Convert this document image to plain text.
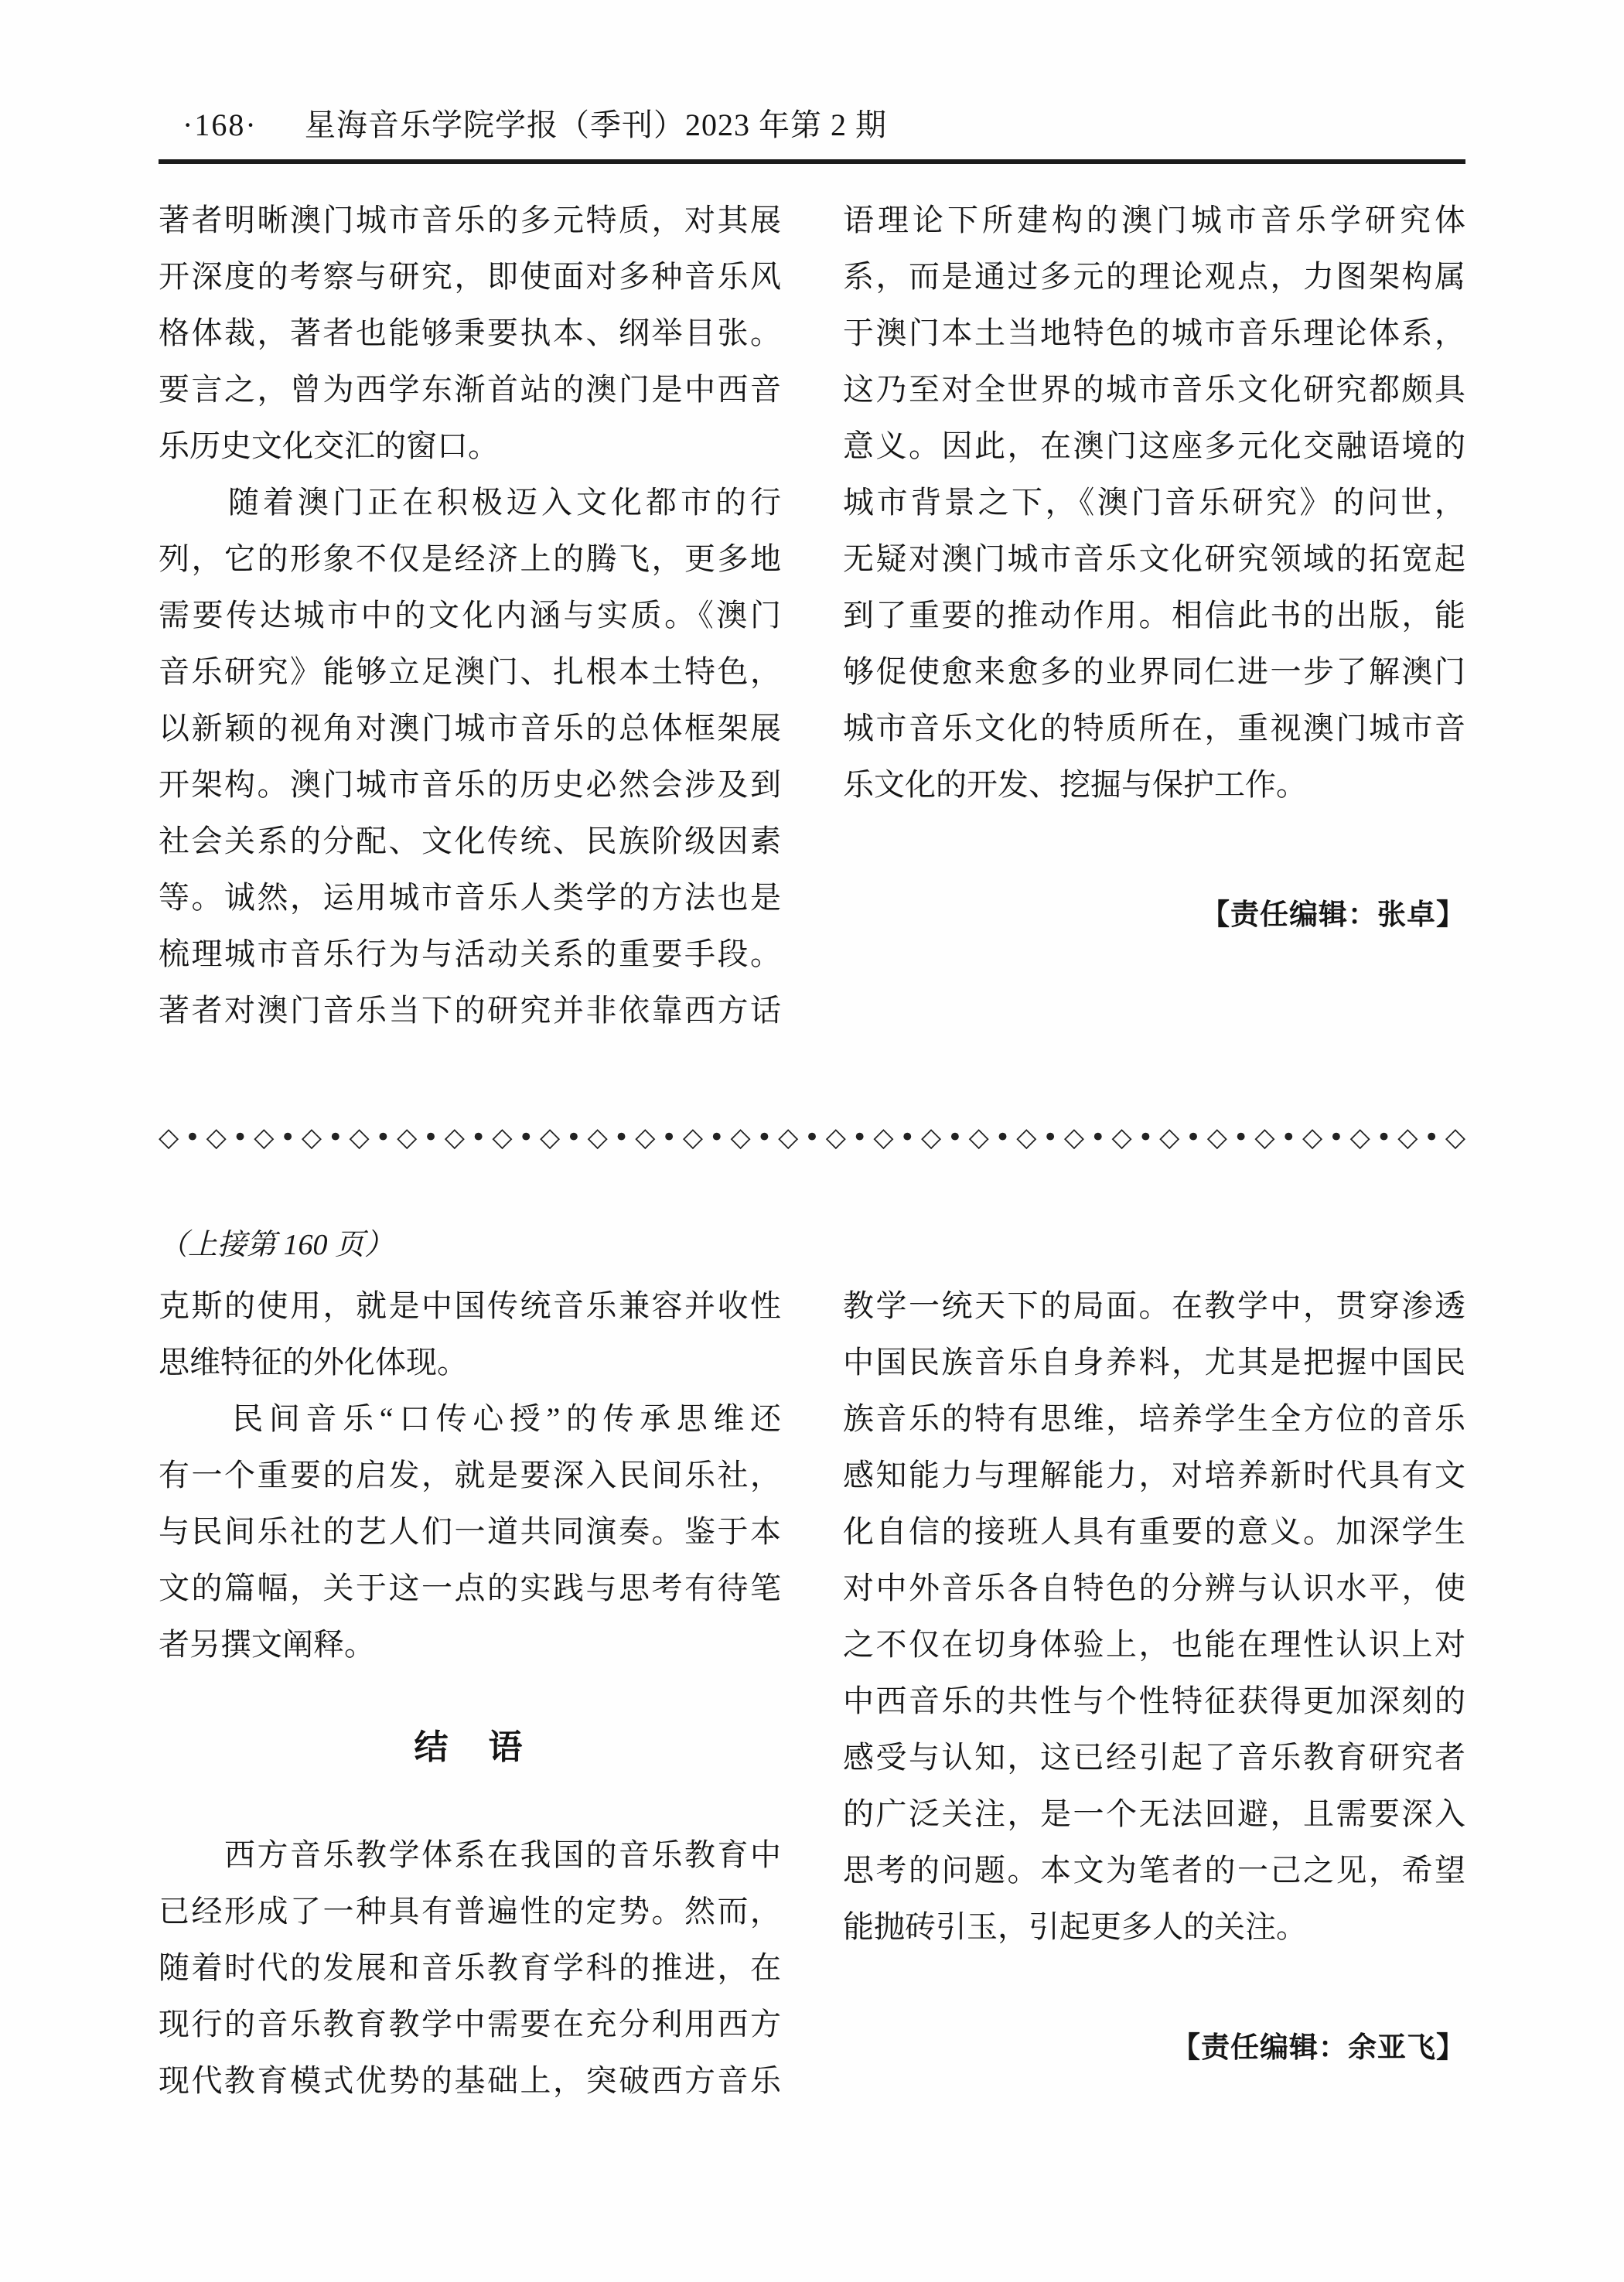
·168· 星海音乐学院学报（季刊）2023 年第 2 期
著者明晰澳门城市音乐的多元特质，对其展
开深度的考察与研究，即使面对多种音乐风
格体裁，著者也能够秉要执本、纲举目张。
要言之，曾为西学东渐首站的澳门是中西音
乐历史文化交汇的窗口。
　　随着澳门正在积极迈入文化都市的行
列，它的形象不仅是经济上的腾飞，更多地
需要传达城市中的文化内涵与实质。《澳门
音乐研究》能够立足澳门、扎根本土特色，
以新颖的视角对澳门城市音乐的总体框架展
开架构。澳门城市音乐的历史必然会涉及到
社会关系的分配、文化传统、民族阶级因素
等。诚然，运用城市音乐人类学的方法也是
梳理城市音乐行为与活动关系的重要手段。
著者对澳门音乐当下的研究并非依靠西方话
语理论下所建构的澳门城市音乐学研究体
系，而是通过多元的理论观点，力图架构属
于澳门本土当地特色的城市音乐理论体系，
这乃至对全世界的城市音乐文化研究都颇具
意义。因此，在澳门这座多元化交融语境的
城市背景之下，《澳门音乐研究》的问世，
无疑对澳门城市音乐文化研究领域的拓宽起
到了重要的推动作用。相信此书的出版，能
够促使愈来愈多的业界同仁进一步了解澳门
城市音乐文化的特质所在，重视澳门城市音
乐文化的开发、挖掘与保护工作。
【责任编辑：张卓】
◇•◇•◇•◇•◇•◇•◇•◇•◇•◇•◇•◇•◇•◇•◇•◇•◇•◇•◇•◇•◇•◇•◇•◇•◇•◇•◇•◇
（上接第 160 页）
克斯的使用，就是中国传统音乐兼容并收性
思维特征的外化体现。
　　民间音乐“口传心授”的传承思维还
有一个重要的启发，就是要深入民间乐社，
与民间乐社的艺人们一道共同演奏。鉴于本
文的篇幅，关于这一点的实践与思考有待笔
者另撰文阐释。
结　语
　　西方音乐教学体系在我国的音乐教育中
已经形成了一种具有普遍性的定势。然而，
随着时代的发展和音乐教育学科的推进，在
现行的音乐教育教学中需要在充分利用西方
现代教育模式优势的基础上，突破西方音乐
教学一统天下的局面。在教学中，贯穿渗透
中国民族音乐自身养料，尤其是把握中国民
族音乐的特有思维，培养学生全方位的音乐
感知能力与理解能力，对培养新时代具有文
化自信的接班人具有重要的意义。加深学生
对中外音乐各自特色的分辨与认识水平，使
之不仅在切身体验上，也能在理性认识上对
中西音乐的共性与个性特征获得更加深刻的
感受与认知，这已经引起了音乐教育研究者
的广泛关注，是一个无法回避，且需要深入
思考的问题。本文为笔者的一己之见，希望
能抛砖引玉，引起更多人的关注。
【责任编辑：余亚飞】
